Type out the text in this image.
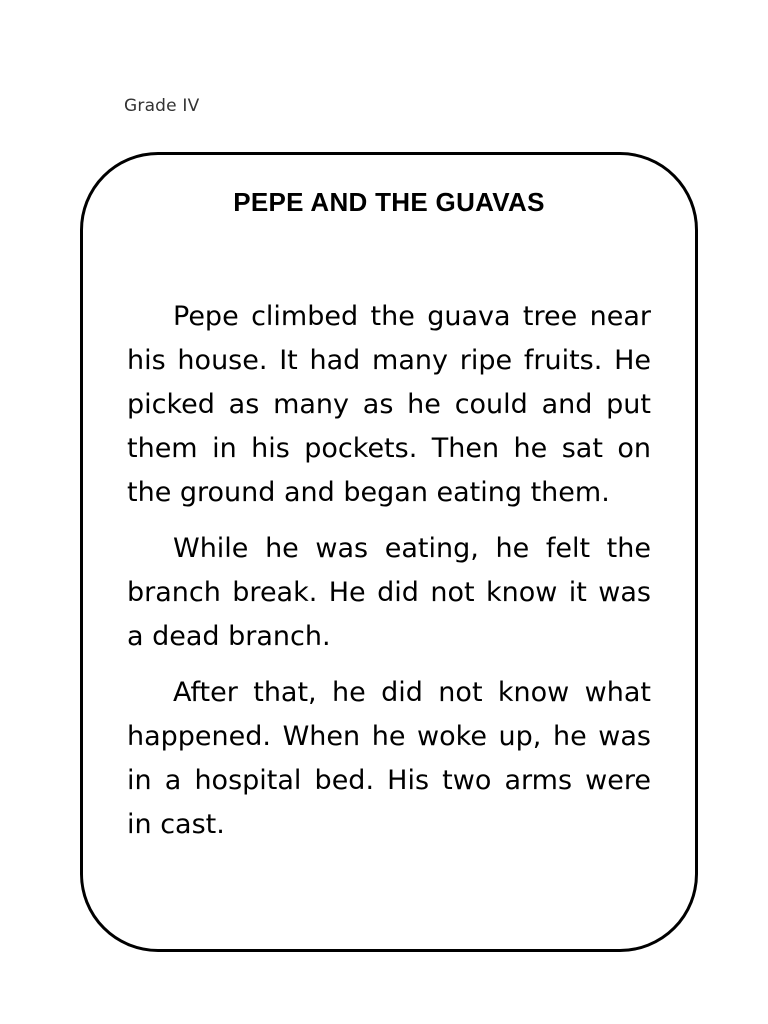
Grade IV
PEPE AND THE GUAVAS

Pepe climbed the guava tree near his house. It had many ripe fruits. He picked as many as he could and put them in his pockets. Then he sat on the ground and began eating them.

While he was eating, he felt the branch break. He did not know it was a dead branch.

After that, he did not know what happened. When he woke up, he was in a hospital bed. His two arms were in cast.
